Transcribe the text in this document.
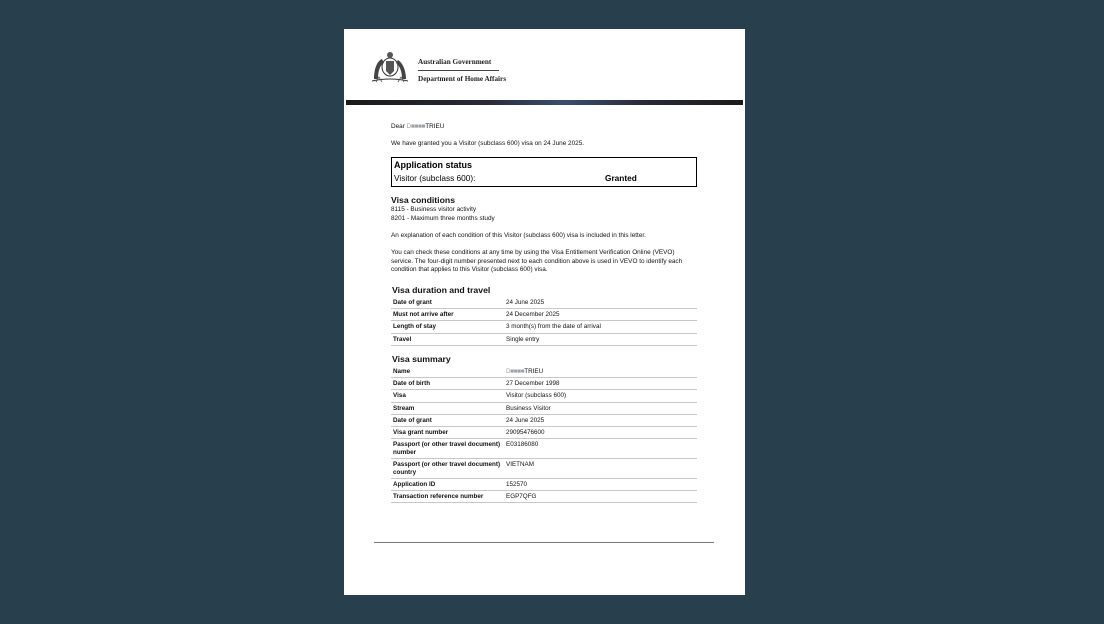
Australian Government
Department of Home Affairs

Dear D■■■■TRIEU

We have granted you a Visitor (subclass 600) visa on 24 June 2025.

Application status
Visitor (subclass 600):	Granted
Visa conditions
8115 - Business visitor activity
8201 - Maximum three months study
An explanation of each condition of this Visitor (subclass 600) visa is included in this letter.
You can check these conditions at any time by using the Visa Entitlement Verification Online (VEVO) service. The four-digit number presented next to each condition above is used in VEVO to identify each condition that applies to this Visitor (subclass 600) visa.
Visa duration and travel
Date of grant	24 June 2025
Must not arrive after	24 December 2025
Length of stay	3 month(s) from the date of arrival
Travel	Single entry
Visa summary
Name	D■■■■TRIEU
Date of birth	27 December 1998
Visa	Visitor (subclass 600)
Stream	Business Visitor
Date of grant	24 June 2025
Visa grant number	29095476600
Passport (or other travel document) number	E03186080
Passport (or other travel document) country	VIETNAM
Application ID	152570
Transaction reference number	EGP7QFG
